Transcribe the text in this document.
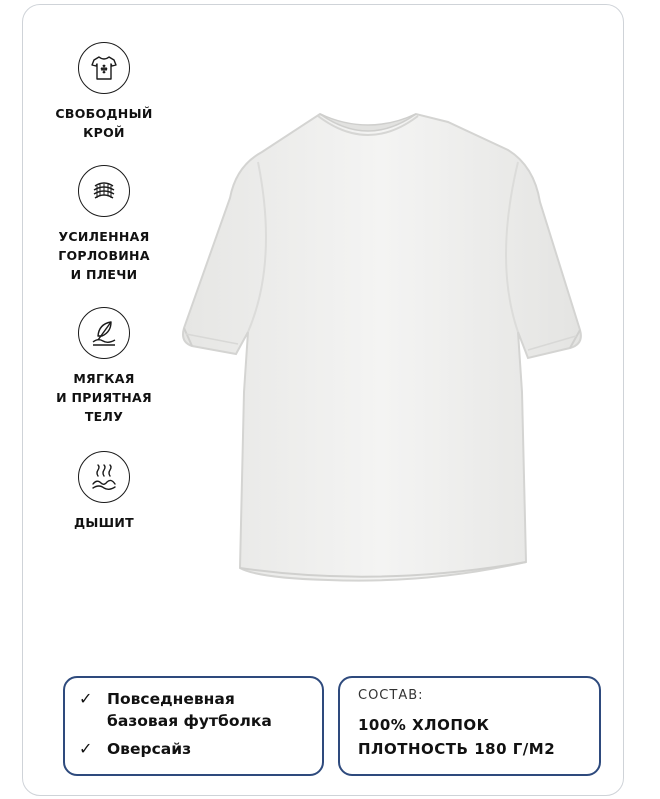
СВОБОДНЫЙ
КРОЙ
УСИЛЕННАЯ
ГОРЛОВИНА
И ПЛЕЧИ
МЯГКАЯ
И ПРИЯТНАЯ
ТЕЛУ
ДЫШИТ
✓ Повседневная
базовая футболка
✓ Оверсайз
СОСТАВ:
100% ХЛОПОК
ПЛОТНОСТЬ 180 Г/М2
